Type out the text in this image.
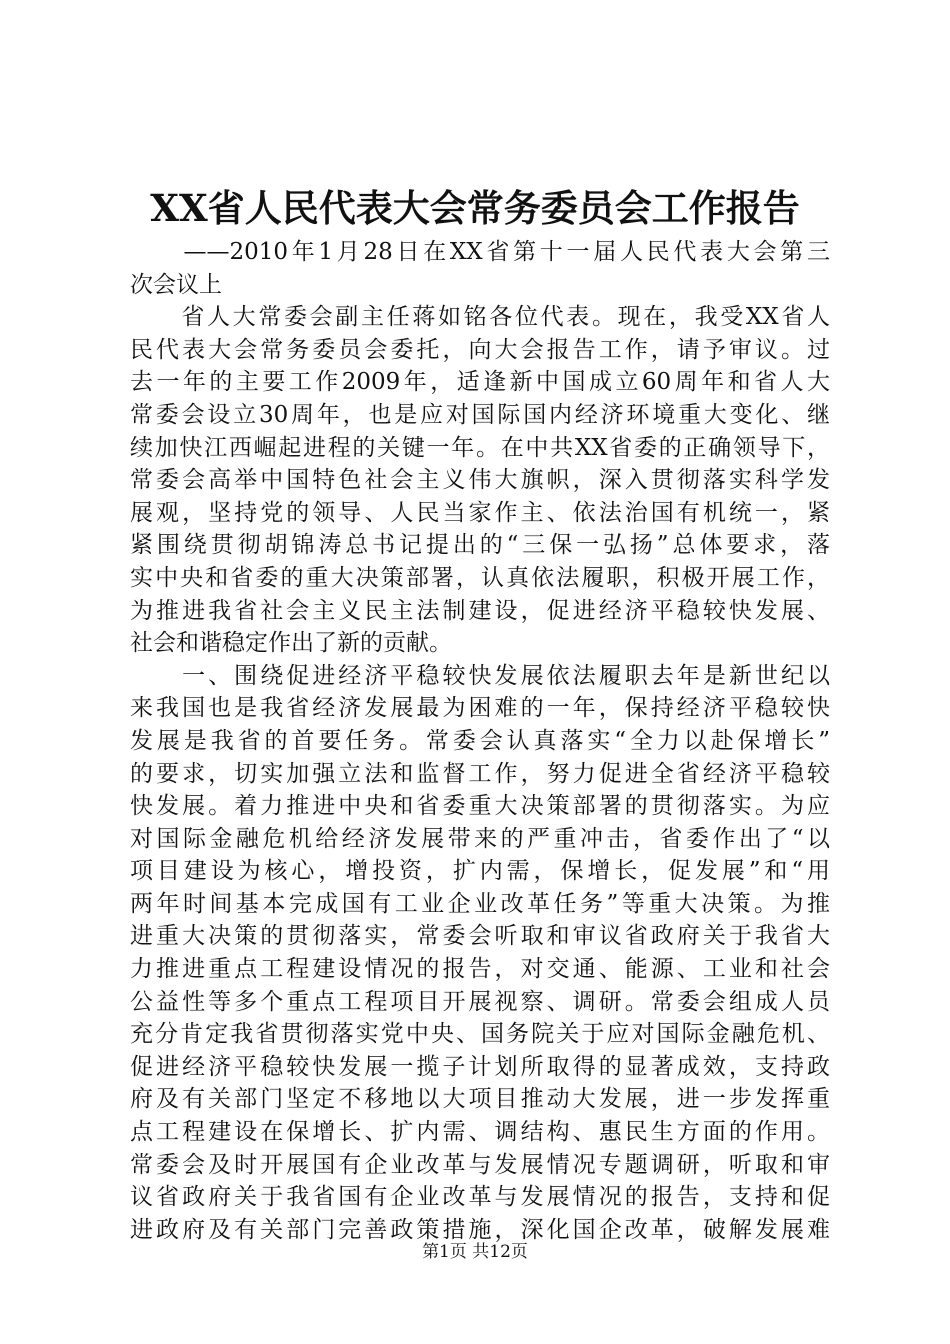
XX省人民代表大会常务委员会工作报告
　　——2010年1月28日在XX省第十一届人民代表大会第三
次会议上
　　省人大常委会副主任蒋如铭各位代表。现在，我受XX省人
民代表大会常务委员会委托，向大会报告工作，请予审议。过
去一年的主要工作2009年，适逢新中国成立60周年和省人大
常委会设立30周年，也是应对国际国内经济环境重大变化、继
续加快江西崛起进程的关键一年。在中共XX省委的正确领导下，
常委会高举中国特色社会主义伟大旗帜，深入贯彻落实科学发
展观，坚持党的领导、人民当家作主、依法治国有机统一，紧
紧围绕贯彻胡锦涛总书记提出的“三保一弘扬”总体要求，落
实中央和省委的重大决策部署，认真依法履职，积极开展工作，
为推进我省社会主义民主法制建设，促进经济平稳较快发展、
社会和谐稳定作出了新的贡献。
　　一、围绕促进经济平稳较快发展依法履职去年是新世纪以
来我国也是我省经济发展最为困难的一年，保持经济平稳较快
发展是我省的首要任务。常委会认真落实“全力以赴保增长”
的要求，切实加强立法和监督工作，努力促进全省经济平稳较
快发展。着力推进中央和省委重大决策部署的贯彻落实。为应
对国际金融危机给经济发展带来的严重冲击，省委作出了“以
项目建设为核心，增投资，扩内需，保增长，促发展”和“用
两年时间基本完成国有工业企业改革任务”等重大决策。为推
进重大决策的贯彻落实，常委会听取和审议省政府关于我省大
力推进重点工程建设情况的报告，对交通、能源、工业和社会
公益性等多个重点工程项目开展视察、调研。常委会组成人员
充分肯定我省贯彻落实党中央、国务院关于应对国际金融危机、
促进经济平稳较快发展一揽子计划所取得的显著成效，支持政
府及有关部门坚定不移地以大项目推动大发展，进一步发挥重
点工程建设在保增长、扩内需、调结构、惠民生方面的作用。
常委会及时开展国有企业改革与发展情况专题调研，听取和审
议省政府关于我省国有企业改革与发展情况的报告，支持和促
进政府及有关部门完善政策措施，深化国企改革，破解发展难
第1页 共12页
